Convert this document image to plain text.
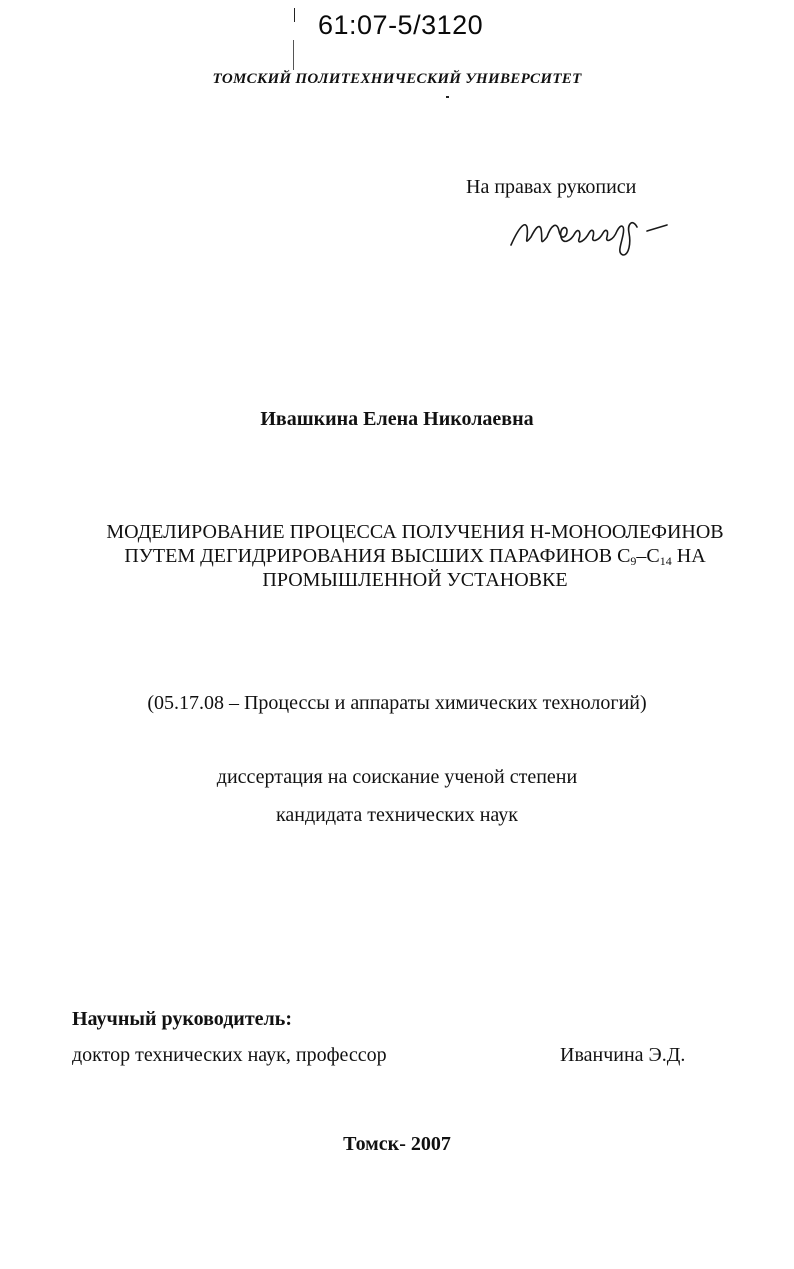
61:07-5/3120
ТОМСКИЙ ПОЛИТЕХНИЧЕСКИЙ УНИВЕРСИТЕТ
На правах рукописи
Ивашкина Елена Николаевна
МОДЕЛИРОВАНИЕ ПРОЦЕССА ПОЛУЧЕНИЯ Н-МОНООЛЕФИНОВ
ПУТЕМ ДЕГИДРИРОВАНИЯ ВЫСШИХ ПАРАФИНОВ $С_9-С_{14}$ НА
ПРОМЫШЛЕННОЙ УСТАНОВКЕ
(05.17.08 – Процессы и аппараты химических технологий)
диссертация на соискание ученой степени
кандидата технических наук
Научный руководитель:
доктор технических наук, профессор	Иванчина Э.Д.
Томск- 2007
